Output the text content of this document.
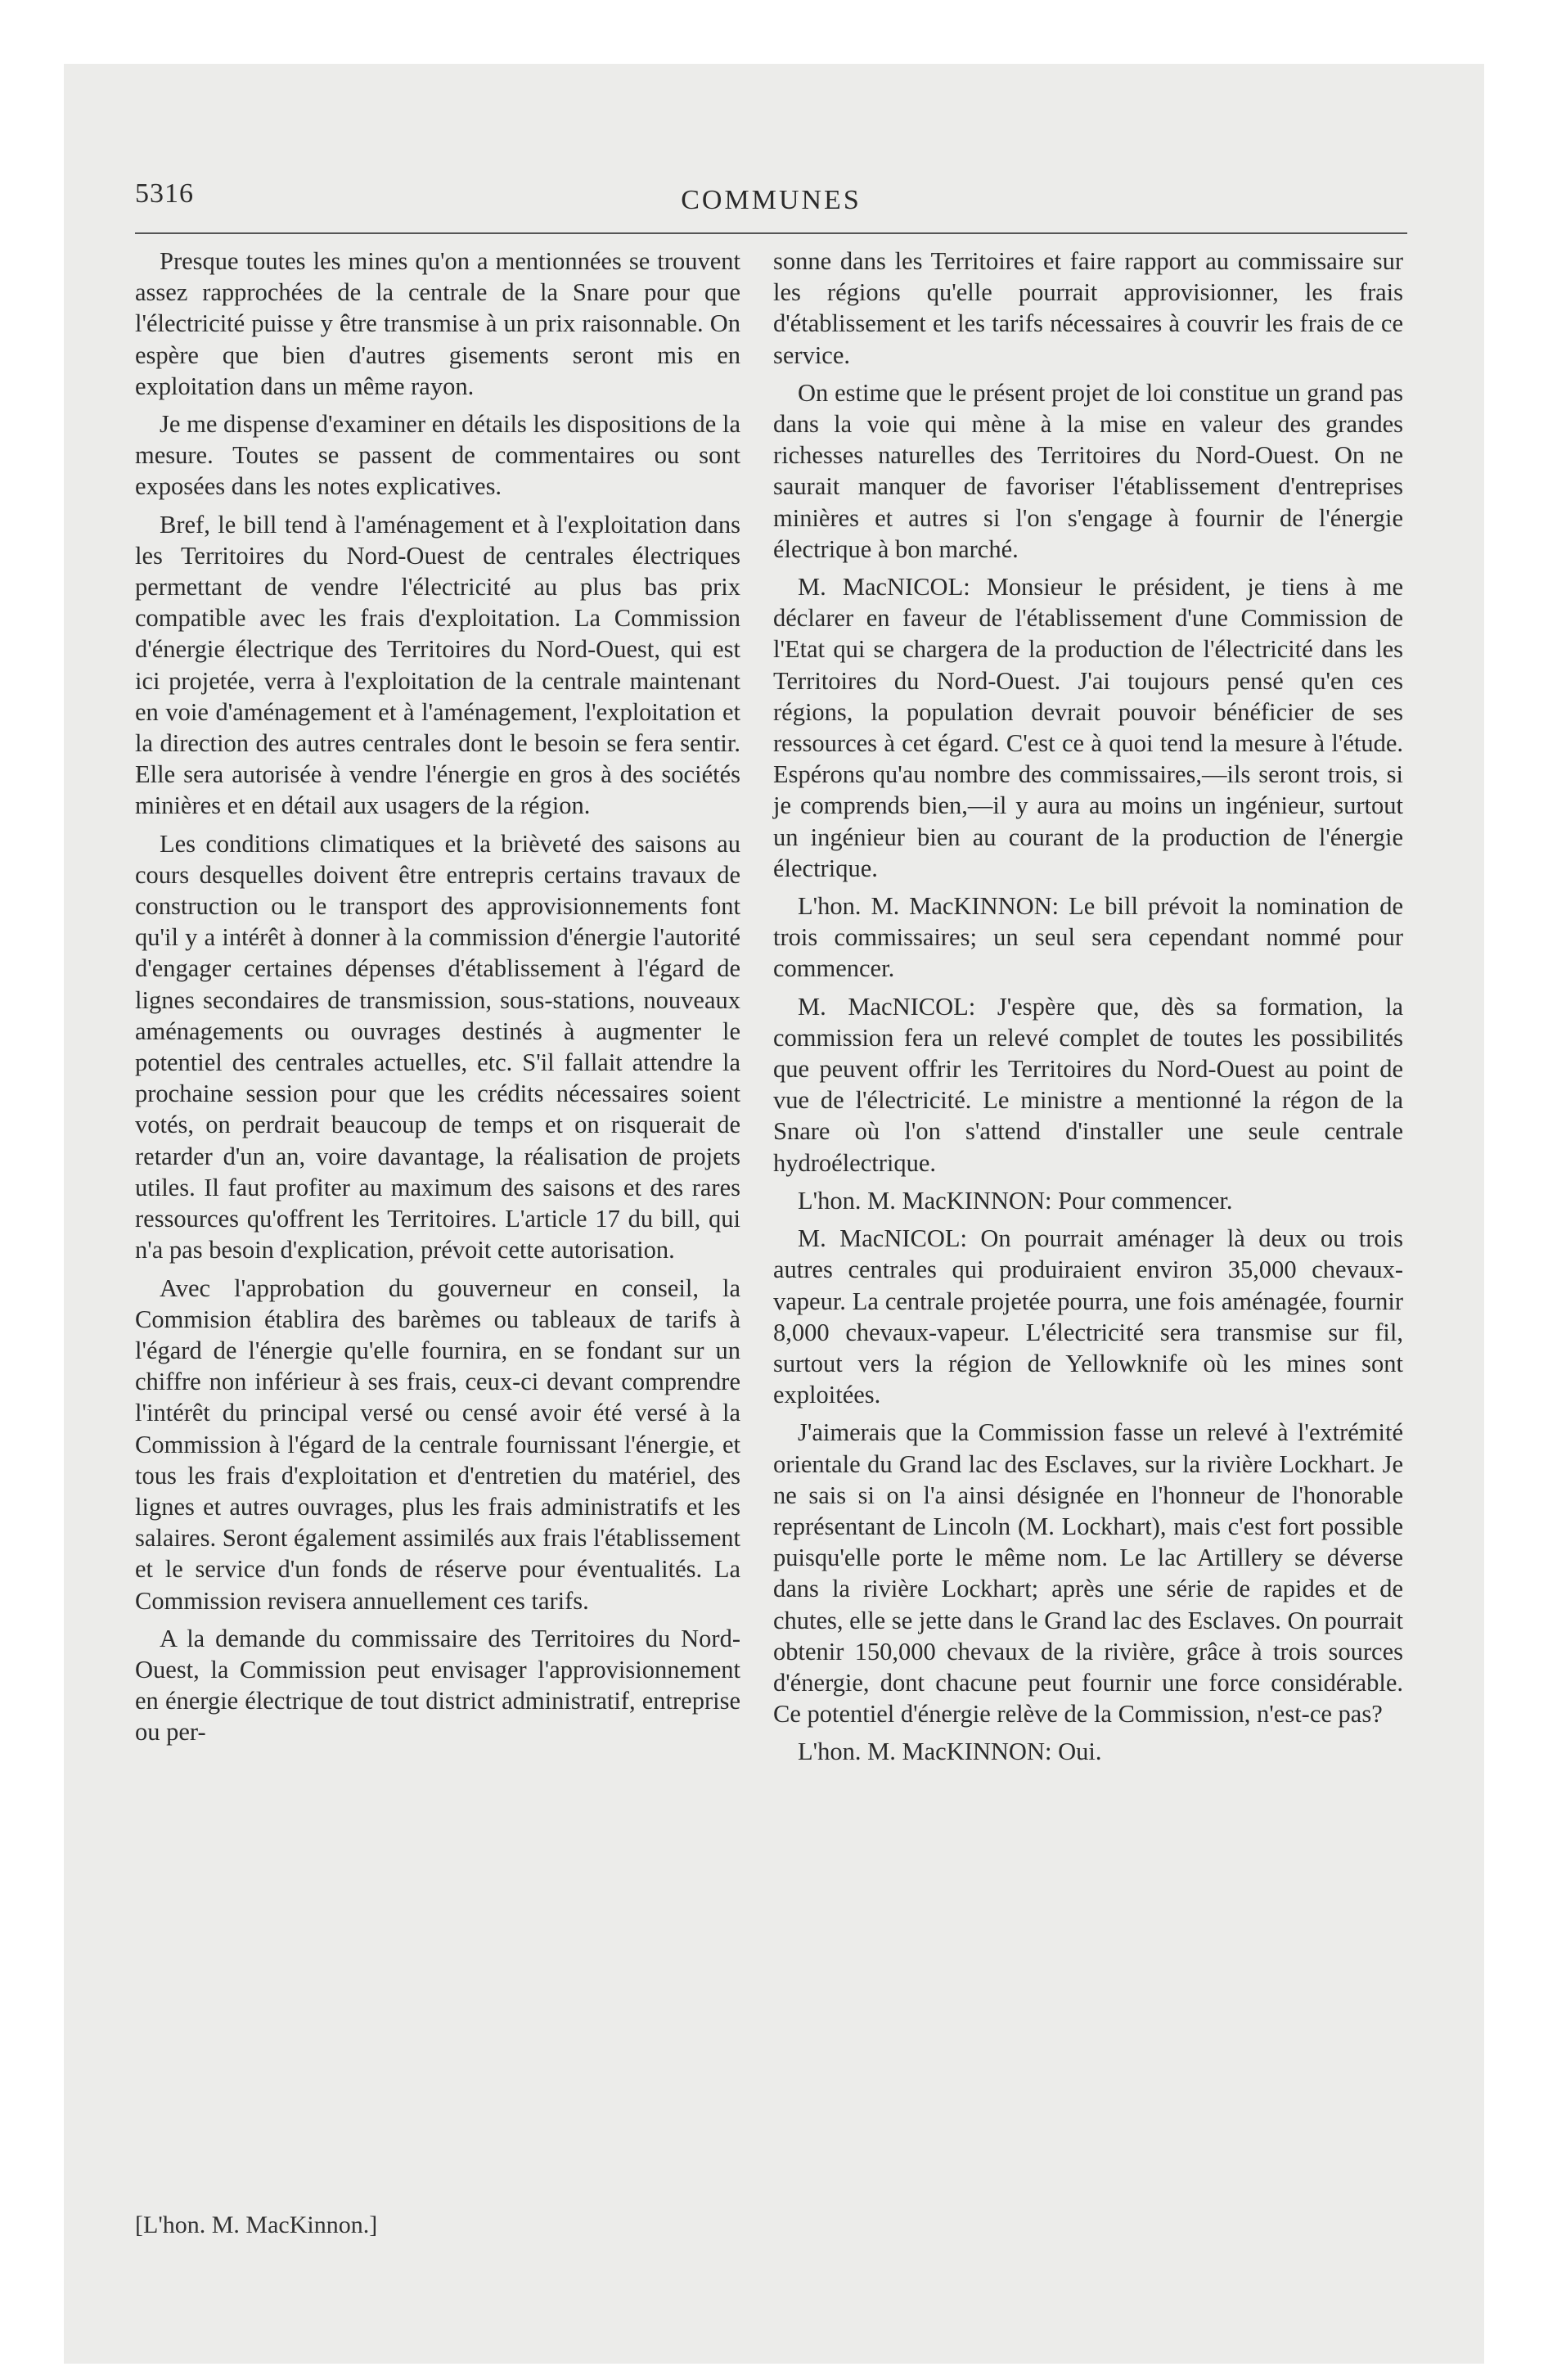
5316	COMMUNES

Presque toutes les mines qu'on a mentionnées se trouvent assez rapprochées de la centrale de la Snare pour que l'électricité puisse y être transmise à un prix raisonnable. On espère que bien d'autres gisements seront mis en exploitation dans un même rayon.

Je me dispense d'examiner en détails les dispositions de la mesure. Toutes se passent de commentaires ou sont exposées dans les notes explicatives.

Bref, le bill tend à l'aménagement et à l'exploitation dans les Territoires du Nord-Ouest de centrales électriques permettant de vendre l'électricité au plus bas prix compatible avec les frais d'exploitation. La Commission d'énergie électrique des Territoires du Nord-Ouest, qui est ici projetée, verra à l'exploitation de la centrale maintenant en voie d'aménagement et à l'aménagement, l'exploitation et la direction des autres centrales dont le besoin se fera sentir. Elle sera autorisée à vendre l'énergie en gros à des sociétés minières et en détail aux usagers de la région.

Les conditions climatiques et la brièveté des saisons au cours desquelles doivent être entrepris certains travaux de construction ou le transport des approvisionnements font qu'il y a intérêt à donner à la commission d'énergie l'autorité d'engager certaines dépenses d'établissement à l'égard de lignes secondaires de transmission, sous-stations, nouveaux aménagements ou ouvrages destinés à augmenter le potentiel des centrales actuelles, etc. S'il fallait attendre la prochaine session pour que les crédits nécessaires soient votés, on perdrait beaucoup de temps et on risquerait de retarder d'un an, voire davantage, la réalisation de projets utiles. Il faut profiter au maximum des saisons et des rares ressources qu'offrent les Territoires. L'article 17 du bill, qui n'a pas besoin d'explication, prévoit cette autorisation.

Avec l'approbation du gouverneur en conseil, la Commision établira des barèmes ou tableaux de tarifs à l'égard de l'énergie qu'elle fournira, en se fondant sur un chiffre non inférieur à ses frais, ceux-ci devant comprendre l'intérêt du principal versé ou censé avoir été versé à la Commission à l'égard de la centrale fournissant l'énergie, et tous les frais d'exploitation et d'entretien du matériel, des lignes et autres ouvrages, plus les frais administratifs et les salaires. Seront également assimilés aux frais l'établissement et le service d'un fonds de réserve pour éventualités. La Commission revisera annuellement ces tarifs.

A la demande du commissaire des Territoires du Nord-Ouest, la Commission peut envisager l'approvisionnement en énergie électrique de tout district administratif, entreprise ou per-

[L'hon. M. MacKinnon.]

sonne dans les Territoires et faire rapport au commissaire sur les régions qu'elle pourrait approvisionner, les frais d'établissement et les tarifs nécessaires à couvrir les frais de ce service.

On estime que le présent projet de loi constitue un grand pas dans la voie qui mène à la mise en valeur des grandes richesses naturelles des Territoires du Nord-Ouest. On ne saurait manquer de favoriser l'établissement d'entreprises minières et autres si l'on s'engage à fournir de l'énergie électrique à bon marché.

M. MacNICOL: Monsieur le président, je tiens à me déclarer en faveur de l'établissement d'une Commission de l'Etat qui se chargera de la production de l'électricité dans les Territoires du Nord-Ouest. J'ai toujours pensé qu'en ces régions, la population devrait pouvoir bénéficier de ses ressources à cet égard. C'est ce à quoi tend la mesure à l'étude. Espérons qu'au nombre des commissaires,—ils seront trois, si je comprends bien,—il y aura au moins un ingénieur, surtout un ingénieur bien au courant de la production de l'énergie électrique.

L'hon. M. MacKINNON: Le bill prévoit la nomination de trois commissaires; un seul sera cependant nommé pour commencer.

M. MacNICOL: J'espère que, dès sa formation, la commission fera un relevé complet de toutes les possibilités que peuvent offrir les Territoires du Nord-Ouest au point de vue de l'électricité. Le ministre a mentionné la régon de la Snare où l'on s'attend d'installer une seule centrale hydroélectrique.

L'hon. M. MacKINNON: Pour commencer.

M. MacNICOL: On pourrait aménager là deux ou trois autres centrales qui produiraient environ 35,000 chevaux-vapeur. La centrale projetée pourra, une fois aménagée, fournir 8,000 chevaux-vapeur. L'électricité sera transmise sur fil, surtout vers la région de Yellowknife où les mines sont exploitées.

J'aimerais que la Commission fasse un relevé à l'extrémité orientale du Grand lac des Esclaves, sur la rivière Lockhart. Je ne sais si on l'a ainsi désignée en l'honneur de l'honorable représentant de Lincoln (M. Lockhart), mais c'est fort possible puisqu'elle porte le même nom. Le lac Artillery se déverse dans la rivière Lockhart; après une série de rapides et de chutes, elle se jette dans le Grand lac des Esclaves. On pourrait obtenir 150,000 chevaux de la rivière, grâce à trois sources d'énergie, dont chacune peut fournir une force considérable. Ce potentiel d'énergie relève de la Commission, n'est-ce pas?

L'hon. M. MacKINNON: Oui.
